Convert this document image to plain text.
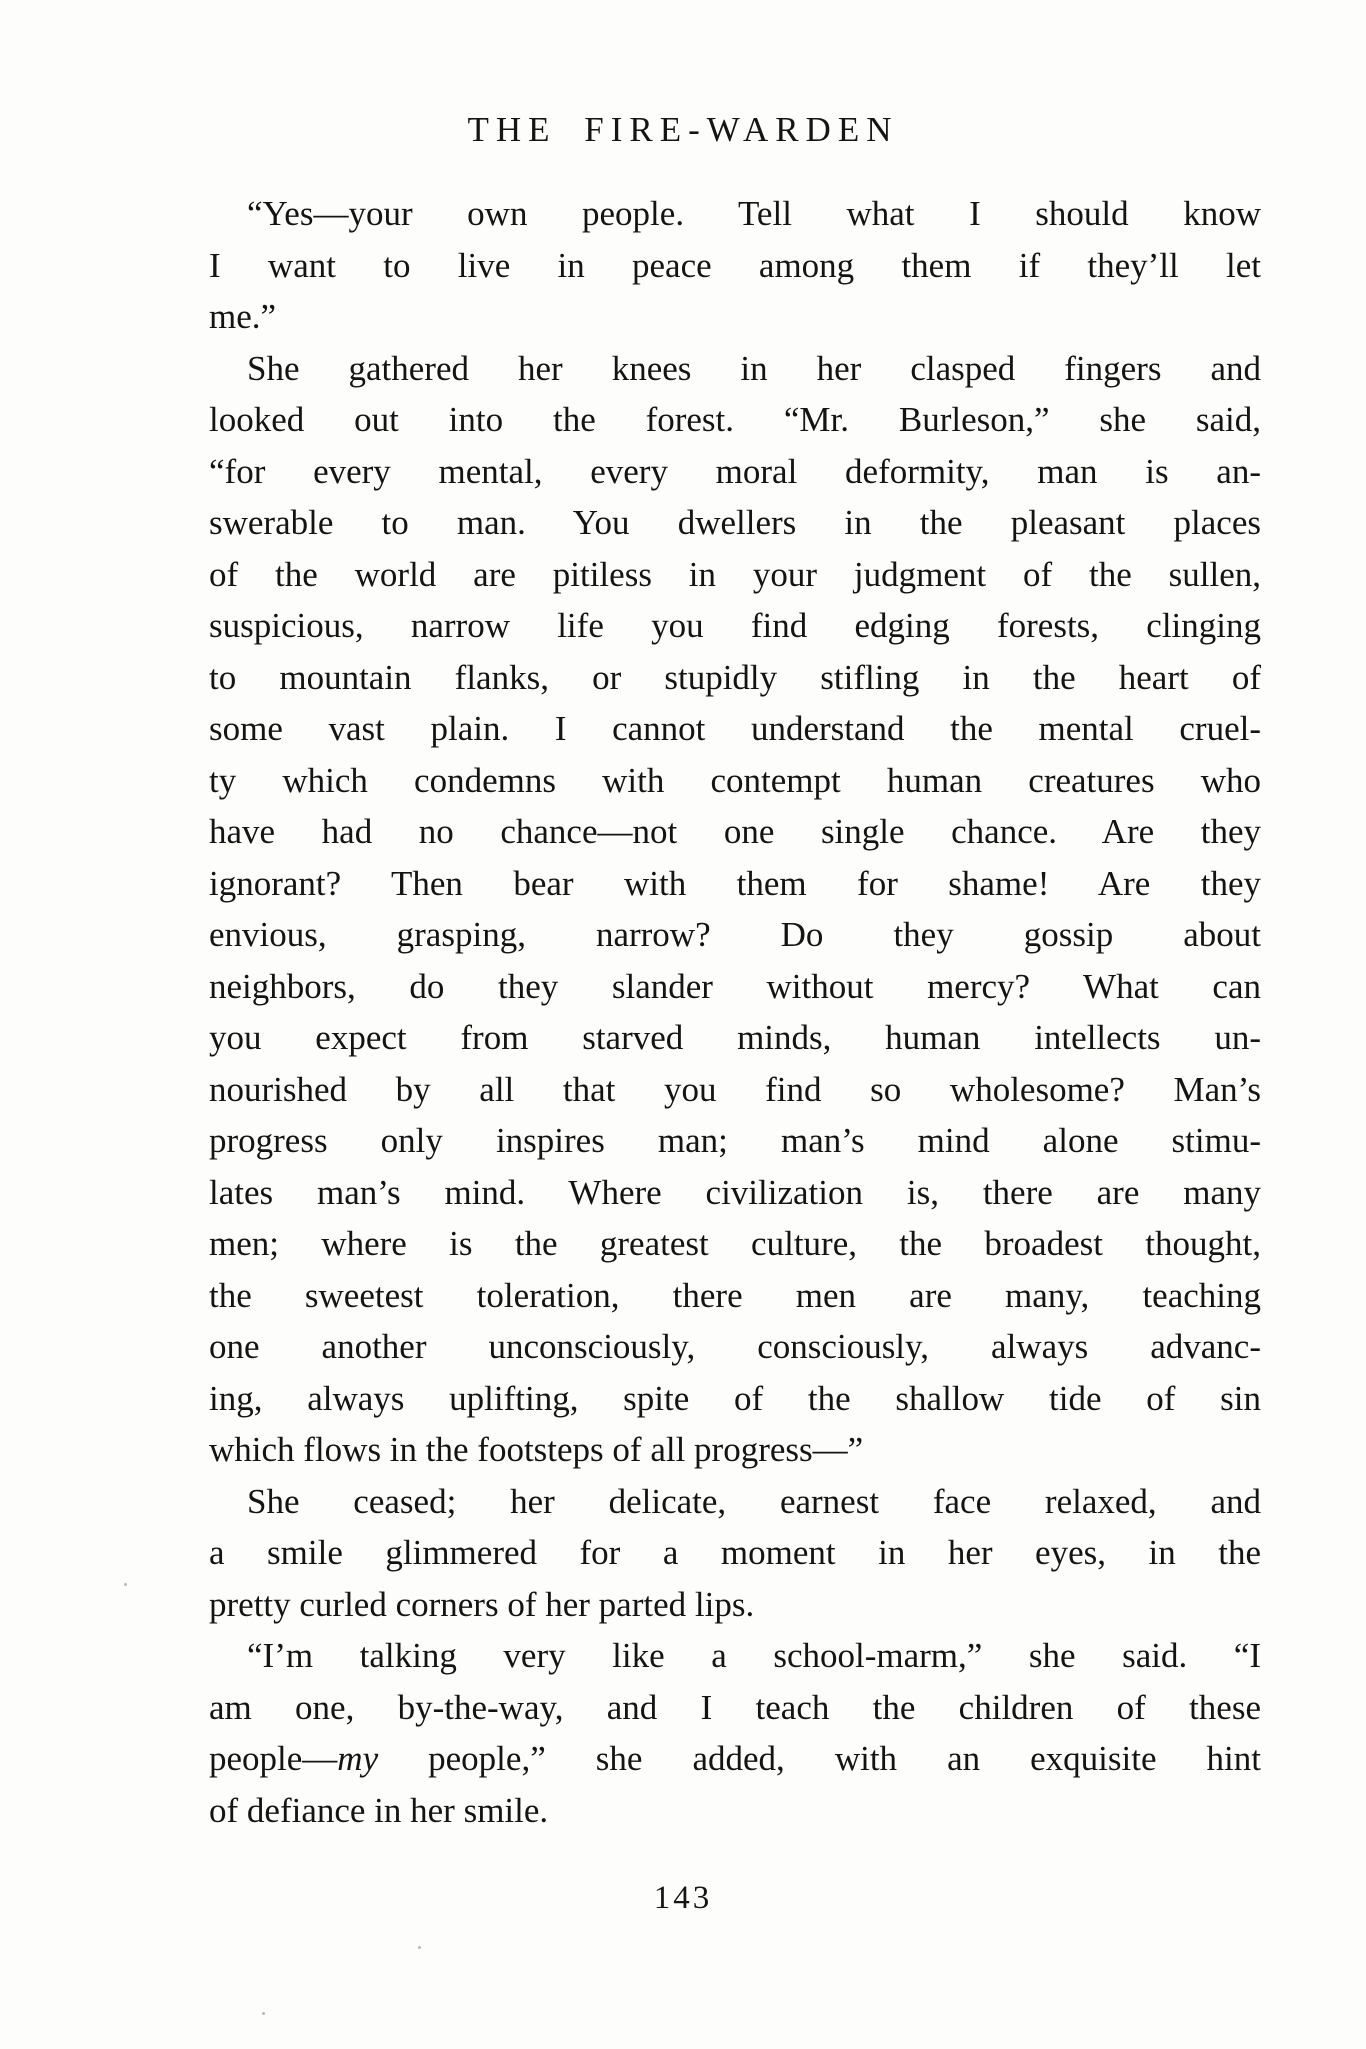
THE FIRE-WARDEN
“Yes—your own people. Tell what I should know
I want to live in peace among them if they’ll let
me.”
She gathered her knees in her clasped fingers and
looked out into the forest. “Mr. Burleson,” she said,
“for every mental, every moral deformity, man is an-
swerable to man. You dwellers in the pleasant places
of the world are pitiless in your judgment of the sullen,
suspicious, narrow life you find edging forests, clinging
to mountain flanks, or stupidly stifling in the heart of
some vast plain. I cannot understand the mental cruel-
ty which condemns with contempt human creatures who
have had no chance—not one single chance. Are they
ignorant? Then bear with them for shame! Are they
envious, grasping, narrow? Do they gossip about
neighbors, do they slander without mercy? What can
you expect from starved minds, human intellects un-
nourished by all that you find so wholesome? Man’s
progress only inspires man; man’s mind alone stimu-
lates man’s mind. Where civilization is, there are many
men; where is the greatest culture, the broadest thought,
the sweetest toleration, there men are many, teaching
one another unconsciously, consciously, always advanc-
ing, always uplifting, spite of the shallow tide of sin
which flows in the footsteps of all progress—”
She ceased; her delicate, earnest face relaxed, and
a smile glimmered for a moment in her eyes, in the
pretty curled corners of her parted lips.
“I’m talking very like a school-marm,” she said. “I
am one, by-the-way, and I teach the children of these
people—my people,” she added, with an exquisite hint
of defiance in her smile.
143
